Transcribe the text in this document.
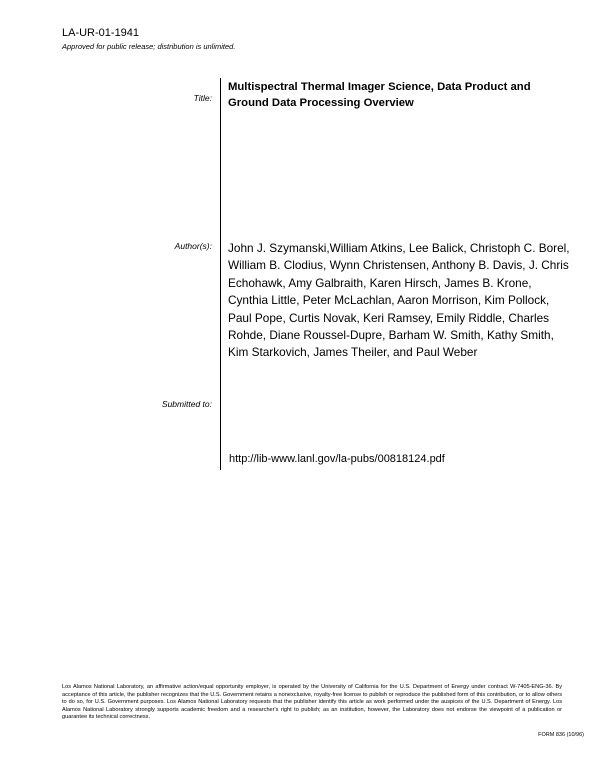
LA-UR-01-1941
Approved for public release; distribution is unlimited.
Title:
Author(s):
Submitted to:
Multispectral Thermal Imager Science, Data Product and Ground Data Processing Overview
John J. Szymanski,William Atkins, Lee Balick, Christoph C. Borel, William B. Clodius, Wynn Christensen, Anthony B. Davis, J. Chris Echohawk, Amy Galbraith, Karen Hirsch, James B. Krone, Cynthia Little, Peter McLachlan, Aaron Morrison, Kim Pollock, Paul Pope, Curtis Novak, Keri Ramsey, Emily Riddle, Charles Rohde, Diane Roussel-Dupre, Barham W. Smith, Kathy Smith, Kim Starkovich, James Theiler, and Paul Weber
http://lib-www.lanl.gov/la-pubs/00818124.pdf
Los Alamos National Laboratory, an affirmative action/equal opportunity employer, is operated by the University of California for the U.S. Department of Energy under contract W-7405-ENG-36. By acceptance of this article, the publisher recognizes that the U.S. Government retains a nonexclusive, royalty-free license to publish or reproduce the published form of this contribution, or to allow others to do so, for U.S. Government purposes. Los Alamos National Laboratory requests that the publisher identify this article as work performed under the auspices of the U.S. Department of Energy. Los Alamos National Laboratory strongly supports academic freedom and a researcher's right to publish; as an institution, however, the Laboratory does not endorse the viewpoint of a publication or guarantee its technical correctness.
FORM 836 (10/96)
